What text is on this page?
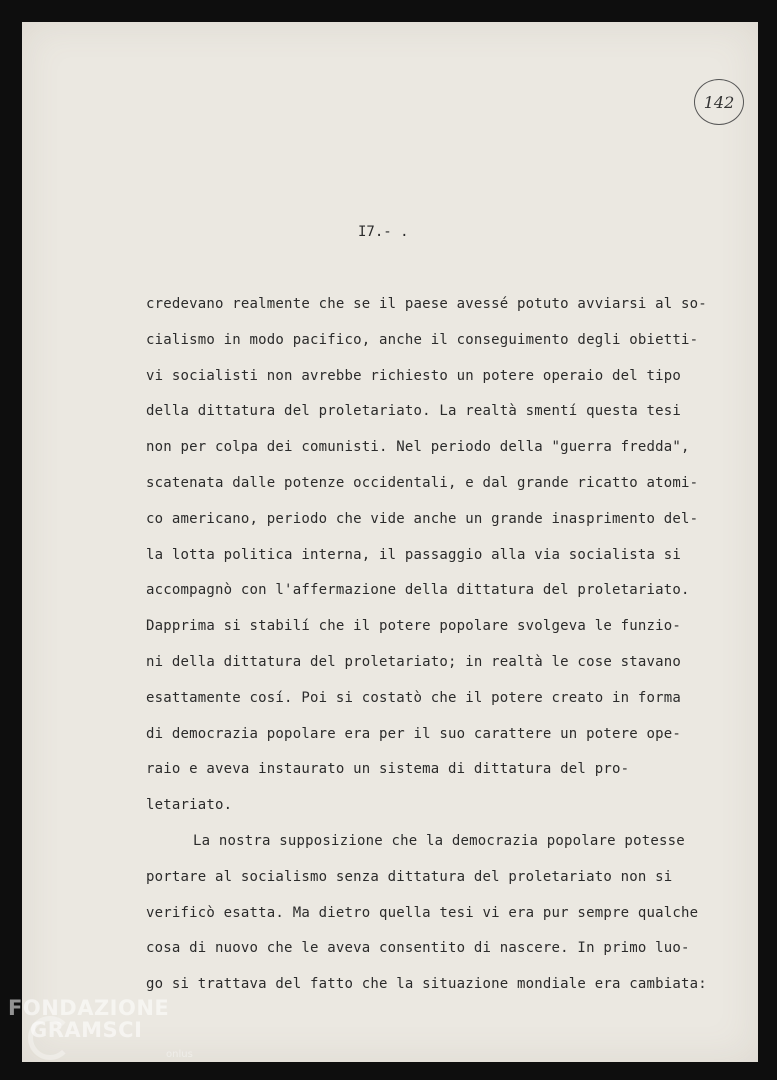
142
I7.- .
credevano realmente che se il paese avessé potuto avviarsi al so-
cialismo in modo pacifico, anche il conseguimento degli obietti-
vi socialisti non avrebbe richiesto un potere operaio del tipo
della dittatura del proletariato. La realtà smentí questa tesi
non per colpa dei comunisti. Nel periodo della "guerra fredda",
scatenata dalle potenze occidentali, e dal grande ricatto atomi-
co americano, periodo che vide anche un grande inasprimento del-
la lotta politica interna, il passaggio alla via socialista si
accompagnò con l'affermazione della dittatura del proletariato.
Dapprima si stabilí che il potere popolare svolgeva le funzio-
ni della dittatura del proletariato; in realtà le cose stavano
esattamente cosí. Poi si costatò che il potere creato in forma
di democrazia popolare era per il suo carattere un potere ope-
raio e aveva instaurato un sistema di dittatura del pro-
letariato.
La nostra supposizione che la democrazia popolare potesse
portare al socialismo senza dittatura del proletariato non si
verificò esatta. Ma dietro quella tesi vi era pur sempre qualche
cosa di nuovo che le aveva consentito di nascere. In primo luo-
go si trattava del fatto che la situazione mondiale era cambiata:
FONDAZIONE
GRAMSCI
onlus
